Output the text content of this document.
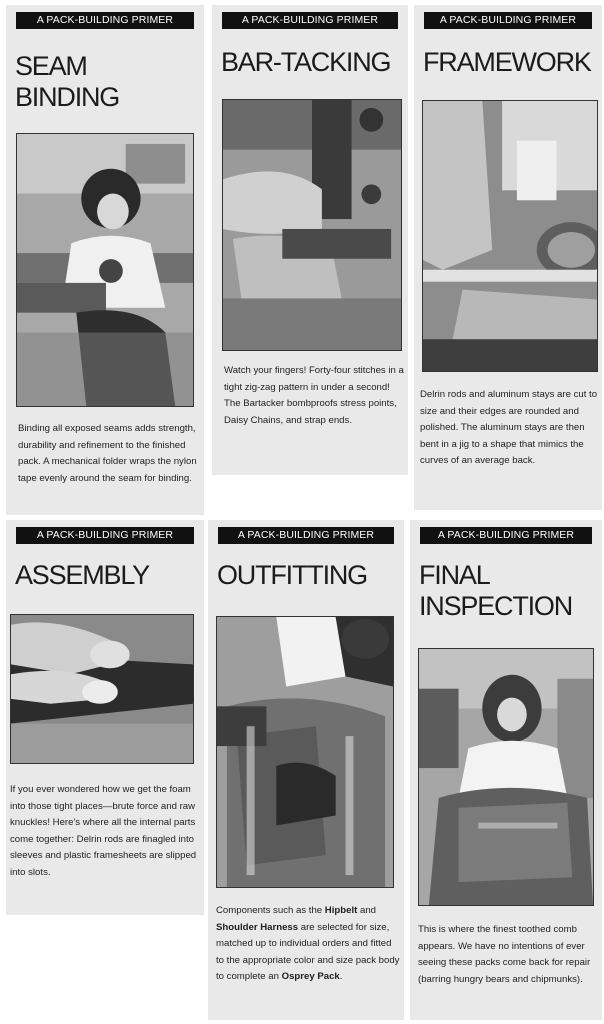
A PACK-BUILDING PRIMER
SEAM
BINDING

Binding all exposed seams adds strength, durability and refinement to the finished pack. A mechanical folder wraps the nylon tape evenly around the seam for binding.

A PACK-BUILDING PRIMER
BAR-TACKING

Watch your fingers! Forty-four stitches in a tight zig-zag pattern in under a second! The Bartacker bombproofs stress points, Daisy Chains, and strap ends.

A PACK-BUILDING PRIMER
FRAMEWORK

Delrin rods and aluminum stays are cut to size and their edges are rounded and polished. The aluminum stays are then bent in a jig to a shape that mimics the curves of an average back.

A PACK-BUILDING PRIMER
ASSEMBLY

If you ever wondered how we get the foam into those tight places—brute force and raw knuckles! Here's where all the internal parts come together: Delrin rods are finagled into sleeves and plastic framesheets are slipped into slots.

A PACK-BUILDING PRIMER
OUTFITTING

Components such as the Hipbelt and Shoulder Harness are selected for size, matched up to individual orders and fitted to the appropriate color and size pack body to complete an Osprey Pack.

A PACK-BUILDING PRIMER
FINAL
INSPECTION

This is where the finest toothed comb appears. We have no intentions of ever seeing these packs come back for repair (barring hungry bears and chipmunks).
